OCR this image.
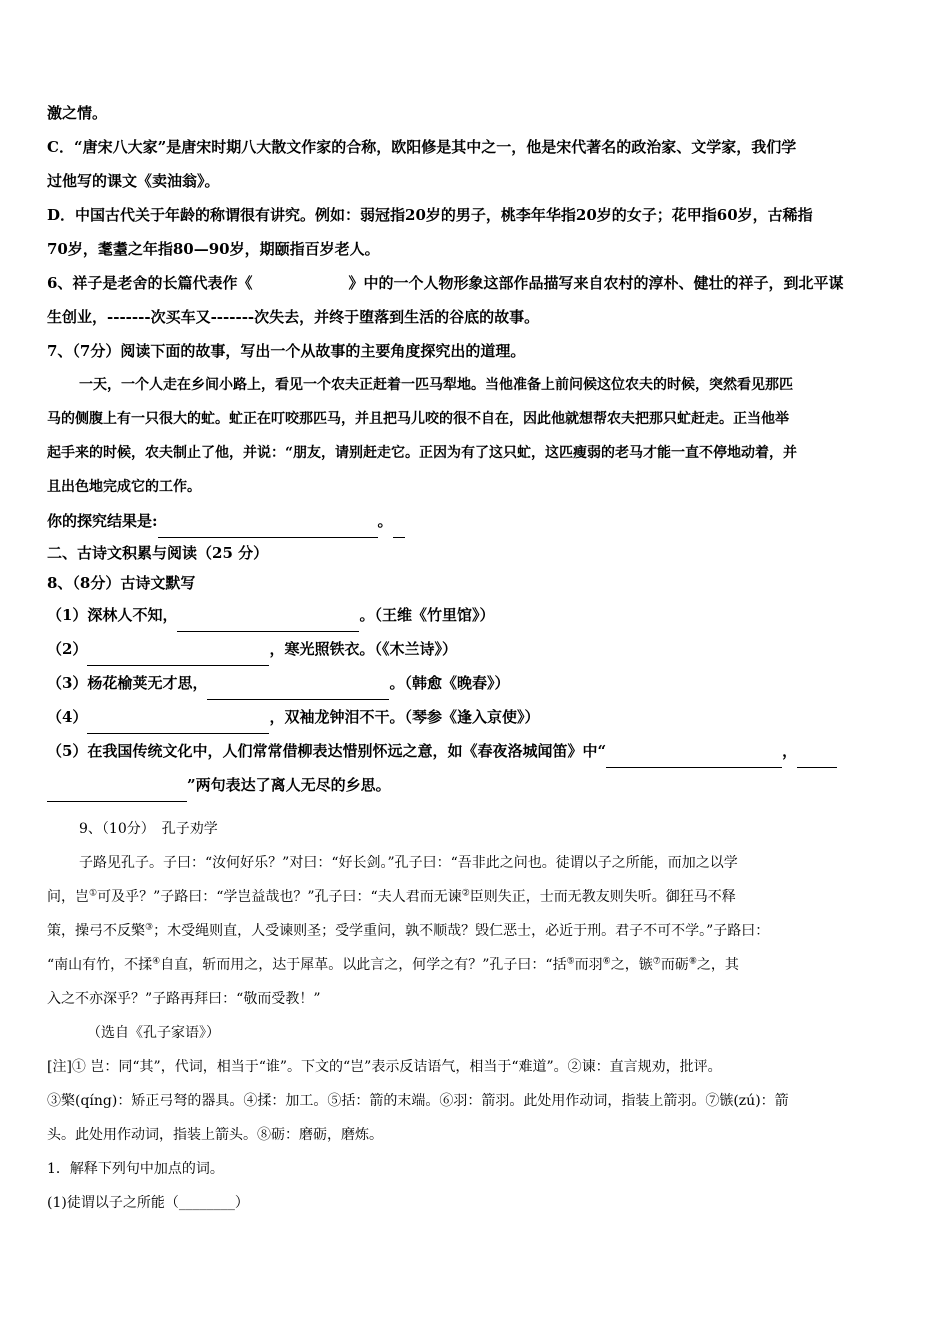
激之情。
C．“唐宋八大家”是唐宋时期八大散文作家的合称，欧阳修是其中之一，他是宋代著名的政治家、文学家，我们学
过他写的课文《卖油翁》。
D．中国古代关于年龄的称谓很有讲究。例如：弱冠指20岁的男子，桃李年华指20岁的女子；花甲指60岁，古稀指
70岁，耄耋之年指80—90岁，期颐指百岁老人。
6、祥子是老舍的长篇代表作《	》中的一个人物形象这部作品描写来自农村的淳朴、健壮的祥子，到北平谋
生创业，-------次买车又-------次失去，并终于堕落到生活的谷底的故事。
7、（7分）阅读下面的故事，写出一个从故事的主要角度探究出的道理。
一天，一个人走在乡间小路上，看见一个农夫正赶着一匹马犁地。当他准备上前问候这位农夫的时候，突然看见那匹
马的侧腹上有一只很大的虻。虻正在叮咬那匹马，并且把马儿咬的很不自在，因此他就想帮农夫把那只虻赶走。正当他举
起手来的时候，农夫制止了他，并说：“朋友，请别赶走它。正因为有了这只虻，这匹瘦弱的老马才能一直不停地动着，并
且出色地完成它的工作。
你的探究结果是:	。
二、古诗文积累与阅读（25 分）
8、（8分）古诗文默写
（1）深林人不知，	。（王维《竹里馆》）
（2）	，寒光照铁衣。（《木兰诗》）
（3）杨花榆荚无才思，	。（韩愈《晚春》）
（4）	，双袖龙钟泪不干。（琴参《逢入京使》）
（5）在我国传统文化中，人们常常借柳表达惜别怀远之意，如《春夜洛城闻笛》中“	，
”两句表达了离人无尽的乡思。
9、（10分）　孔子劝学
子路见孔子。子曰：“汝何好乐？”对曰：“好长剑。”孔子曰：“吾非此之问也。徒谓以子之所能，而加之以学
问，岂①可及乎？”子路曰：“学岂益哉也？”孔子曰：“夫人君而无谏②臣则失正，士而无教友则失听。御狂马不释
策，操弓不反檠③；木受绳则直，人受谏则圣；受学重问，孰不顺哉？毁仁恶士，必近于刑。君子不可不学。”子路曰：
“南山有竹，不揉④自直，斩而用之，达于犀革。以此言之，何学之有？”孔子曰：“括⑤而羽⑥之，镞⑦而砺⑧之，其
入之不亦深乎？”子路再拜曰：“敬而受教！”
（选自《孔子家语》）
[注]① 岂：同“其”，代词，相当于“谁”。下文的“岂”表示反诘语气，相当于“难道”。②谏：直言规劝，批评。
③檠(qíng)：矫正弓弩的器具。④揉：加工。⑤括：箭的末端。⑥羽：箭羽。此处用作动词，指装上箭羽。⑦镞(zú)：箭
头。此处用作动词，指装上箭头。⑧砺：磨砺，磨炼。
1．解释下列句中加点的词。
(1)徒谓以子之所能（________）
